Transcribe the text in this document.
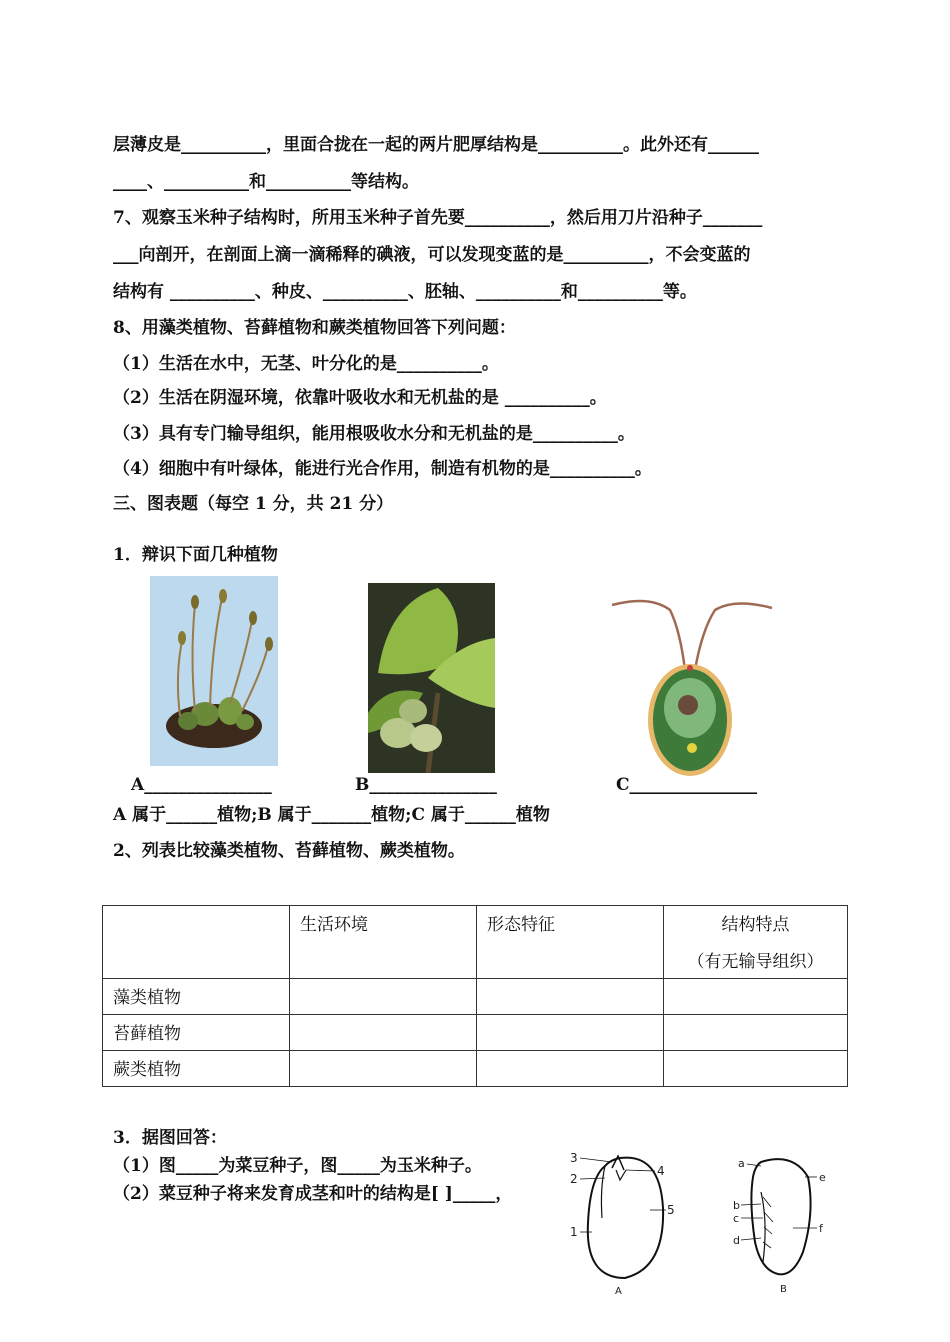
层薄皮是__________，里面合拢在一起的两片肥厚结构是__________。此外还有______
____、__________和__________等结构。
7、观察玉米种子结构时，所用玉米种子首先要__________，然后用刀片沿种子_______
___向剖开，在剖面上滴一滴稀释的碘液，可以发现变蓝的是__________，不会变蓝的
结构有 __________、种皮、__________、胚轴、__________和__________等。
8、用藻类植物、苔藓植物和蕨类植物回答下列问题：
（1）生活在水中，无茎、叶分化的是__________。
（2）生活在阴湿环境，依靠叶吸收水和无机盐的是 __________。
（3）具有专门输导组织，能用根吸收水分和无机盐的是__________。
（4）细胞中有叶绿体，能进行光合作用，制造有机物的是__________。
三、图表题（每空 1 分，共 21 分）
1．辩识下面几种植物
A_______________	B_______________	C_______________
A 属于______植物;B 属于_______植物;C 属于______植物
2、列表比较藻类植物、苔藓植物、蕨类植物。
	生活环境	形态特征	结构特点
（有无输导组织）

藻类植物			
苔藓植物			
蕨类植物			
3．据图回答：
（1）图_____为菜豆种子，图_____为玉米种子。
（2）菜豆种子将来发育成茎和叶的结构是[ ]_____，
3
2
4
5
1
A
a
e
b
c
f
d
B
